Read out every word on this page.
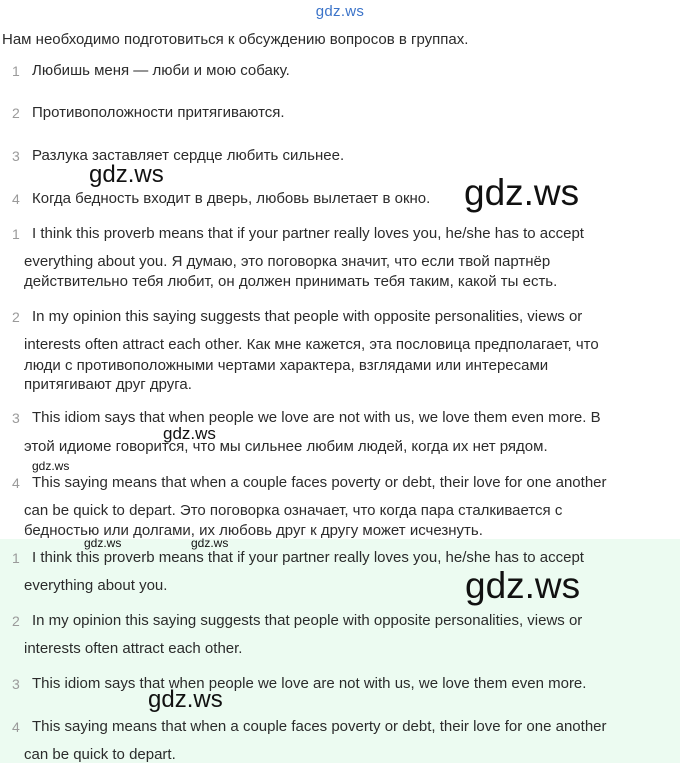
gdz.ws
Нам необходимо подготовиться к обсуждению вопросов в группах.
1 Любишь меня — люби и мою собаку.
2 Противоположности притягиваются.
3 Разлука заставляет сердце любить сильнее.
4 Когда бедность входит в дверь, любовь вылетает в окно.
1 I think this proverb means that if your partner really loves you, he/she has to accept
everything about you. Я думаю, это поговорка значит, что если твой партнёр
действительно тебя любит, он должен принимать тебя таким, какой ты есть.
2 In my opinion this saying suggests that people with opposite personalities, views or
interests often attract each other. Как мне кажется, эта пословица предполагает, что
люди с противоположными чертами характера, взглядами или интересами
притягивают друг друга.
3 This idiom says that when people we love are not with us, we love them even more. В
этой идиоме говорится, что мы сильнее любим людей, когда их нет рядом.
4 This saying means that when a couple faces poverty or debt, their love for one another
can be quick to depart. Это поговорка означает, что когда пара сталкивается с
бедностью или долгами, их любовь друг к другу может исчезнуть.
1 I think this proverb means that if your partner really loves you, he/she has to accept
everything about you.
2 In my opinion this saying suggests that people with opposite personalities, views or
interests often attract each other.
3 This idiom says that when people we love are not with us, we love them even more.
4 This saying means that when a couple faces poverty or debt, their love for one another
can be quick to depart.
gdz.ws	gdz.ws
gdz.ws
gdz.ws
gdz.ws	gdz.ws
gdz.ws
gdz.ws
